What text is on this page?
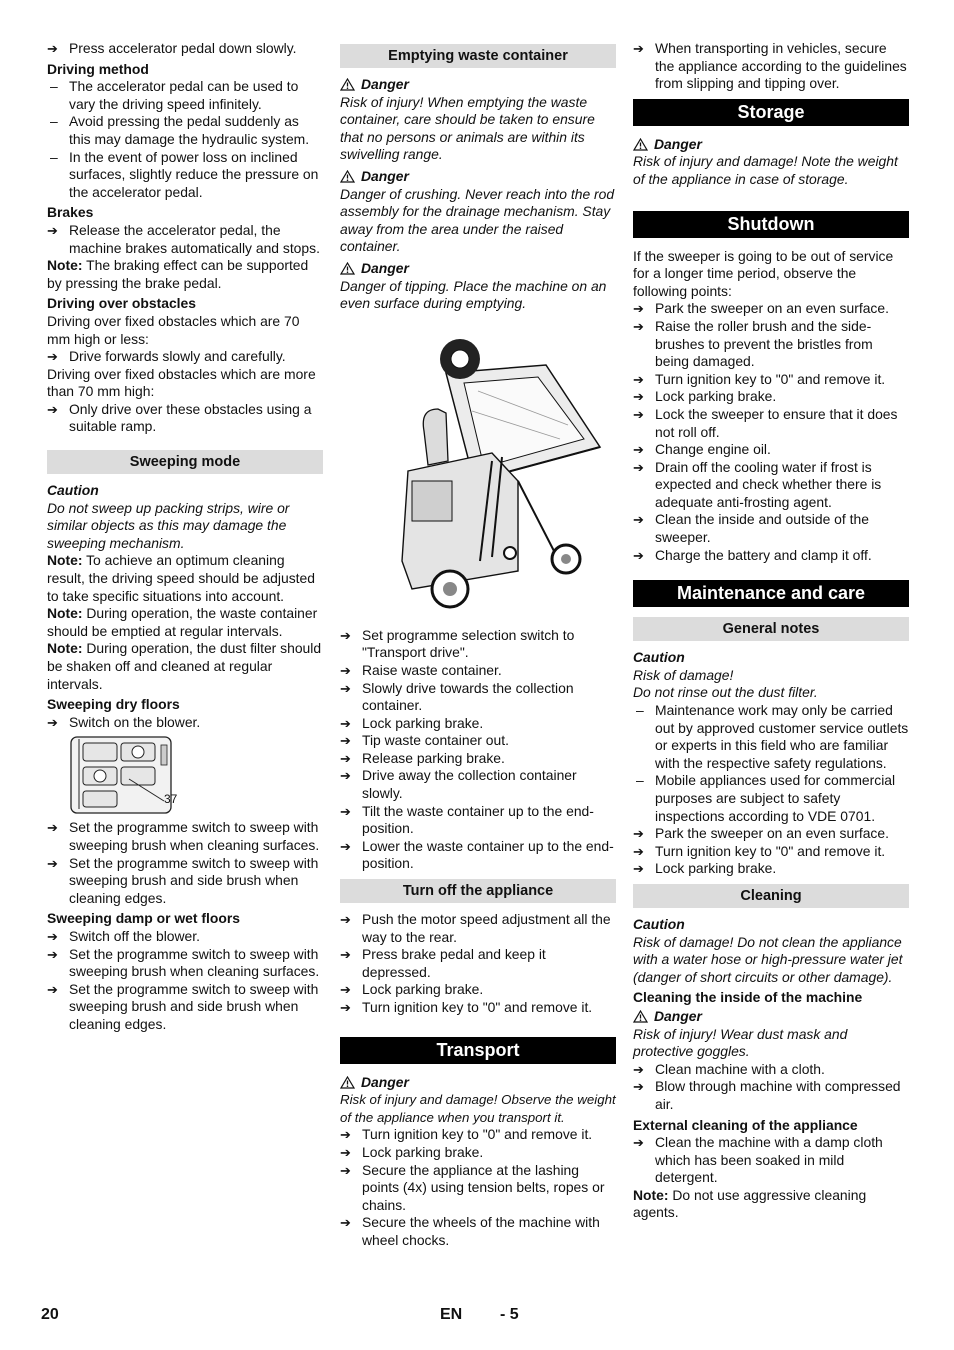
➔ Press accelerator pedal down slowly.

Driving method

– The accelerator pedal can be used to vary the driving speed infinitely.

– Avoid pressing the pedal suddenly as this may damage the hydraulic system.

– In the event of power loss on inclined surfaces, slightly reduce the pressure on the accelerator pedal.

Brakes

➔ Release the accelerator pedal, the machine brakes automatically and stops.

Note: The braking effect can be supported by pressing the brake pedal.

Driving over obstacles

Driving over fixed obstacles which are 70 mm high or less:

➔ Drive forwards slowly and carefully.

Driving over fixed obstacles which are more than 70 mm high:

➔ Only drive over these obstacles using a suitable ramp.

Sweeping mode

Caution

Do not sweep up packing strips, wire or similar objects as this may damage the sweeping mechanism.

Note: To achieve an optimum cleaning result, the driving speed should be adjusted to take specific situations into account.

Note: During operation, the waste container should be emptied at regular intervals.

Note: During operation, the dust filter should be shaken off and cleaned at regular intervals.

Sweeping dry floors

➔ Switch on the blower.

37

➔ Set the programme switch to sweep with sweeping brush when cleaning surfaces.

➔ Set the programme switch to sweep with sweeping brush and side brush when cleaning edges.

Sweeping damp or wet floors

➔ Switch off the blower.

➔ Set the programme switch to sweep with sweeping brush when cleaning surfaces.

➔ Set the programme switch to sweep with sweeping brush and side brush when cleaning edges.

Emptying waste container
Danger

Risk of injury! When emptying the waste container, care should be taken to ensure that no persons or animals are within its swivelling range.

Danger

Danger of crushing. Never reach into the rod assembly for the drainage mechanism. Stay away from the area under the raised container.

Danger

Danger of tipping. Place the machine on an even surface during emptying.

➔ Set programme selection switch to "Transport drive".

➔ Raise waste container.

➔ Slowly drive towards the collection container.

➔ Lock parking brake.

➔ Tip waste container out.

➔ Release parking brake.

➔ Drive away the collection container slowly.

➔ Tilt the waste container up to the end-position.

➔ Lower the waste container up to the end-position.

Turn off the appliance

➔ Push the motor speed adjustment all the way to the rear.

➔ Press brake pedal and keep it depressed.

➔ Lock parking brake.

➔ Turn ignition key to "0" and remove it.

Transport
Danger

Risk of injury and damage! Observe the weight of the appliance when you transport it.

➔ Turn ignition key to "0" and remove it.

➔ Lock parking brake.

➔ Secure the appliance at the lashing points (4x) using tension belts, ropes or chains.

➔ Secure the wheels of the machine with wheel chocks.

➔ When transporting in vehicles, secure the appliance according to the guidelines from slipping and tipping over.

Storage
Danger

Risk of injury and damage! Note the weight of the appliance in case of storage.

Shutdown

If the sweeper is going to be out of service for a longer time period, observe the following points:

➔ Park the sweeper on an even surface.

➔ Raise the roller brush and the side-brushes to prevent the bristles from being damaged.

➔ Turn ignition key to "0" and remove it.

➔ Lock parking brake.

➔ Lock the sweeper to ensure that it does not roll off.

➔ Change engine oil.

➔ Drain off the cooling water if frost is expected and check whether there is adequate anti-frosting agent.

➔ Clean the inside and outside of the sweeper.

➔ Charge the battery and clamp it off.

Maintenance and care
General notes

Caution

Risk of damage!

Do not rinse out the dust filter.

– Maintenance work may only be carried out by approved customer service outlets or experts in this field who are familiar with the respective safety regulations.

– Mobile appliances used for commercial purposes are subject to safety inspections according to VDE 0701.

➔ Park the sweeper on an even surface.

➔ Turn ignition key to "0" and remove it.

➔ Lock parking brake.

Cleaning

Caution

Risk of damage! Do not clean the appliance with a water hose or high-pressure water jet (danger of short circuits or other damage).

Cleaning the inside of the machine

Danger

Risk of injury! Wear dust mask and protective goggles.

➔ Clean machine with a cloth.

➔ Blow through machine with compressed air.

External cleaning of the appliance

➔ Clean the machine with a damp cloth which has been soaked in mild detergent.

Note: Do not use aggressive cleaning agents.

20	EN - 5
